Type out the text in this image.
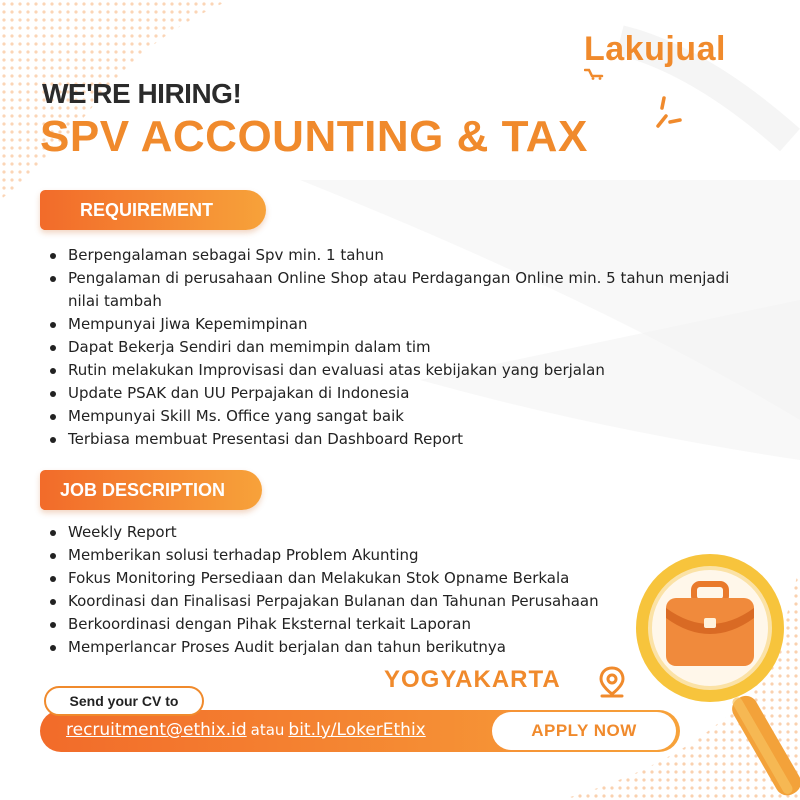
Lakujual
WE'RE HIRING!
SPV ACCOUNTING & TAX
REQUIREMENT
Berpengalaman sebagai Spv min. 1 tahun
Pengalaman di perusahaan Online Shop atau Perdagangan Online min. 5 tahun menjadi nilai tambah
Mempunyai Jiwa Kepemimpinan
Dapat Bekerja Sendiri dan memimpin dalam tim
Rutin melakukan Improvisasi dan evaluasi atas kebijakan yang berjalan
Update PSAK dan UU Perpajakan di Indonesia
Mempunyai Skill Ms. Office yang sangat baik
Terbiasa membuat Presentasi dan Dashboard Report
JOB DESCRIPTION
Weekly Report
Memberikan solusi terhadap Problem Akunting
Fokus Monitoring Persediaan dan Melakukan Stok Opname Berkala
Koordinasi dan Finalisasi Perpajakan Bulanan dan Tahunan Perusahaan
Berkoordinasi dengan Pihak Eksternal terkait Laporan
Memperlancar Proses Audit berjalan dan tahun berikutnya
YOGYAKARTA
Send your CV to
recruitment@ethix.id atau bit.ly/LokerEthix	APPLY NOW
